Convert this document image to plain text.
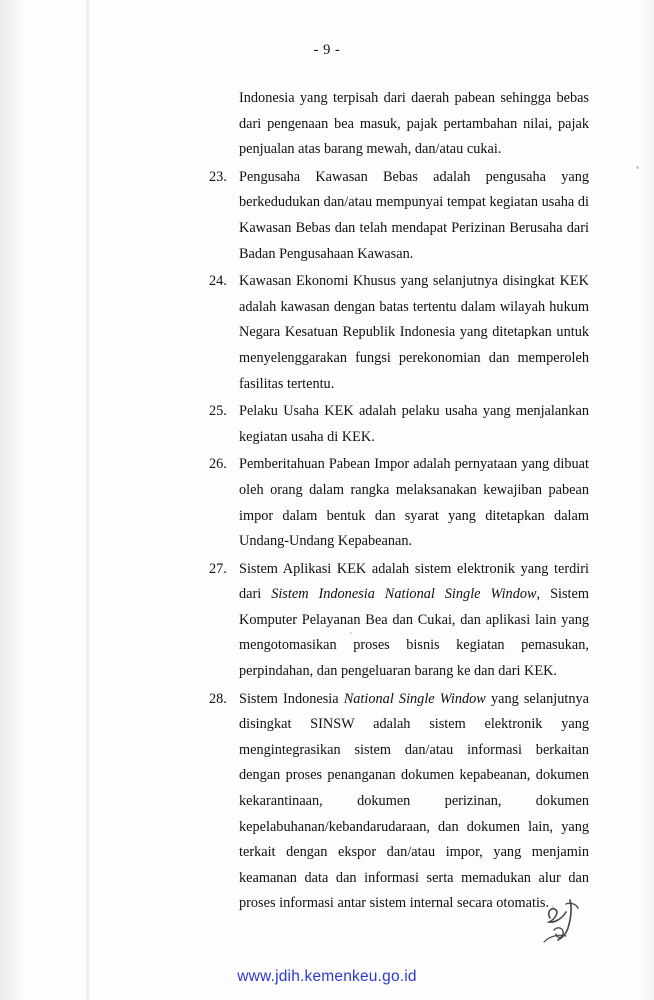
- 9 -
Indonesia yang terpisah dari daerah pabean sehingga bebas dari pengenaan bea masuk, pajak pertambahan nilai, pajak penjualan atas barang mewah, dan/atau cukai.
23. Pengusaha Kawasan Bebas adalah pengusaha yang berkedudukan dan/atau mempunyai tempat kegiatan usaha di Kawasan Bebas dan telah mendapat Perizinan Berusaha dari Badan Pengusahaan Kawasan.
24. Kawasan Ekonomi Khusus yang selanjutnya disingkat KEK adalah kawasan dengan batas tertentu dalam wilayah hukum Negara Kesatuan Republik Indonesia yang ditetapkan untuk menyelenggarakan fungsi perekonomian dan memperoleh fasilitas tertentu.
25. Pelaku Usaha KEK adalah pelaku usaha yang menjalankan kegiatan usaha di KEK.
26. Pemberitahuan Pabean Impor adalah pernyataan yang dibuat oleh orang dalam rangka melaksanakan kewajiban pabean impor dalam bentuk dan syarat yang ditetapkan dalam Undang-Undang Kepabeanan.
27. Sistem Aplikasi KEK adalah sistem elektronik yang terdiri dari Sistem Indonesia National Single Window, Sistem Komputer Pelayanan Bea dan Cukai, dan aplikasi lain yang mengotomasikan proses bisnis kegiatan pemasukan, perpindahan, dan pengeluaran barang ke dan dari KEK.
28. Sistem Indonesia National Single Window yang selanjutnya disingkat SINSW adalah sistem elektronik yang mengintegrasikan sistem dan/atau informasi berkaitan dengan proses penanganan dokumen kepabeanan, dokumen kekarantinaan, dokumen perizinan, dokumen kepelabuhanan/kebandarudaraan, dan dokumen lain, yang terkait dengan ekspor dan/atau impor, yang menjamin keamanan data dan informasi serta memadukan alur dan proses informasi antar sistem internal secara otomatis.
www.jdih.kemenkeu.go.id
